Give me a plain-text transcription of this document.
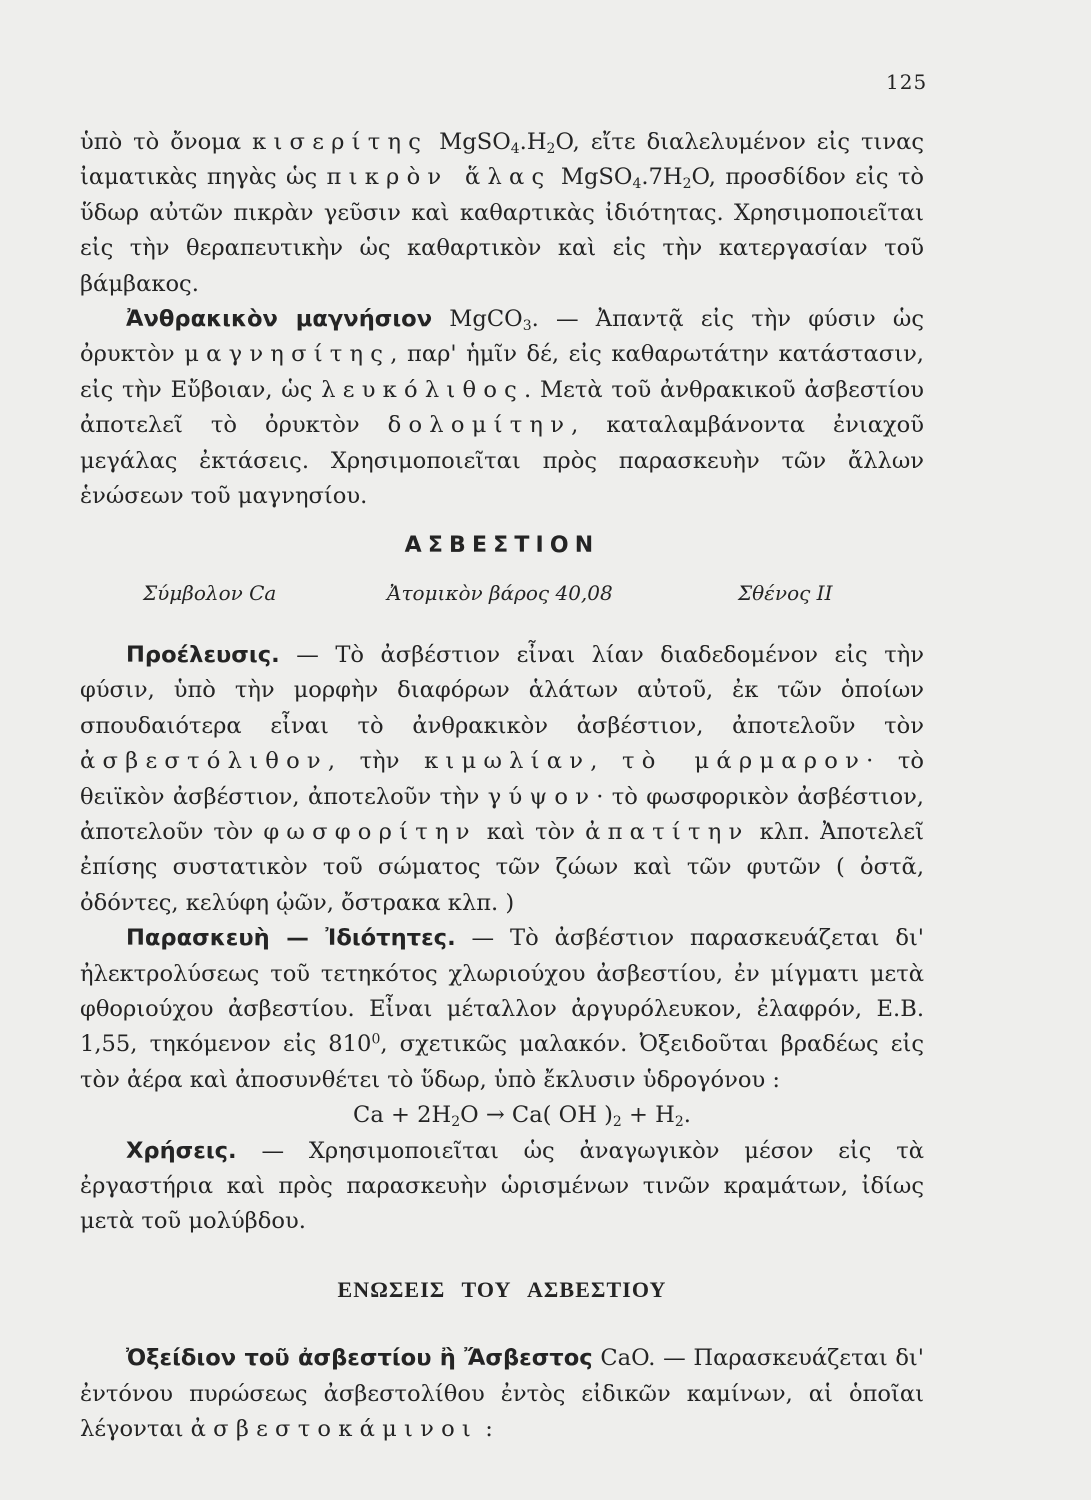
125

ὑπὸ τὸ ὄνομα κισερίτης $MgSO_4.H_2O$, εἴτε διαλελυμένον εἰς τινας ἰαματικὰς πηγὰς ὡς πικρὸν ἅλας $MgSO_4.7H_2O$, προσδίδον εἰς τὸ ὕδωρ αὐτῶν πικρὰν γεῦσιν καὶ καθαρτικὰς ἰδιότητας. Χρησιμοποιεῖται εἰς τὴν θεραπευτικὴν ὡς καθαρτικὸν καὶ εἰς τὴν κατεργασίαν τοῦ βάμβακος.

Ἀνθρακικὸν μαγνήσιον MgCO$_3$. — Ἀπαντᾷ εἰς τὴν φύσιν ὡς ὀρυκτὸν μαγνησίτης, παρ' ἡμῖν δέ, εἰς καθαρωτάτην κατάστασιν, εἰς τὴν Εὔβοιαν, ὡς λευκόλιθος. Μετὰ τοῦ ἀνθρακικοῦ ἀσβεστίου ἀποτελεῖ τὸ ὀρυκτὸν δολομίτην, καταλαμβάνοντα ἐνιαχοῦ μεγάλας ἐκτάσεις. Χρησιμοποιεῖται πρὸς παρασκευὴν τῶν ἄλλων ἑνώσεων τοῦ μαγνησίου.

ΑΣΒΕΣΤΙΟΝ

Σύμβολον Ca	Ἀτομικὸν βάρος 40,08	Σθένος II

Προέλευσις. — Τὸ ἀσβέστιον εἶναι λίαν διαδεδομένον εἰς τὴν φύσιν, ὑπὸ τὴν μορφὴν διαφόρων ἁλάτων αὐτοῦ, ἐκ τῶν ὁποίων σπουδαιότερα εἶναι τὸ ἀνθρακικὸν ἀσβέστιον, ἀποτελοῦν τὸν ἀσβεστόλιθον, τὴν κιμωλίαν, τὸ μάρμαρον· τὸ θειϊκὸν ἀσβέστιον, ἀποτελοῦν τὴν γύψον· τὸ φωσφορικὸν ἀσβέστιον, ἀποτελοῦν τὸν φωσφορίτην καὶ τὸν ἀπατίτην κλπ. Ἀποτελεῖ ἐπίσης συστατικὸν τοῦ σώματος τῶν ζώων καὶ τῶν φυτῶν ( ὀστᾶ, ὀδόντες, κελύφη ᾠῶν, ὄστρακα κλπ. )

Παρασκευὴ — Ἰδιότητες. — Τὸ ἀσβέστιον παρασκευάζεται δι' ἠλεκτρολύσεως τοῦ τετηκότος χλωριούχου ἀσβεστίου, ἐν μίγματι μετὰ φθοριούχου ἀσβεστίου. Εἶναι μέταλλον ἀργυρόλευκον, ἐλαφρόν, Ε.Β. 1,55, τηκόμενον εἰς $810^0$, σχετικῶς μαλακόν. Ὀξειδοῦται βραδέως εἰς τὸν ἀέρα καὶ ἀποσυνθέτει τὸ ὕδωρ, ὑπὸ ἔκλυσιν ὑδρογόνου :

$Ca + 2H_2O \to Ca$( OH )$_2 + H_2$.

Χρήσεις. — Χρησιμοποιεῖται ὡς ἀναγωγικὸν μέσον εἰς τὰ ἐργαστήρια καὶ πρὸς παρασκευὴν ὡρισμένων τινῶν κραμάτων, ἰδίως μετὰ τοῦ μολύβδου.

ΕΝΩΣΕΙΣ ΤΟΥ ΑΣΒΕΣΤΙΟΥ

Ὀξείδιον τοῦ ἀσβεστίου ἢ Ἄσβεστος CaO. — Παρασκευάζεται δι' ἐντόνου πυρώσεως ἀσβεστολίθου ἐντὸς εἰδικῶν καμίνων, αἱ ὁποῖαι λέγονται ἀσβεστοκάμινοι :
